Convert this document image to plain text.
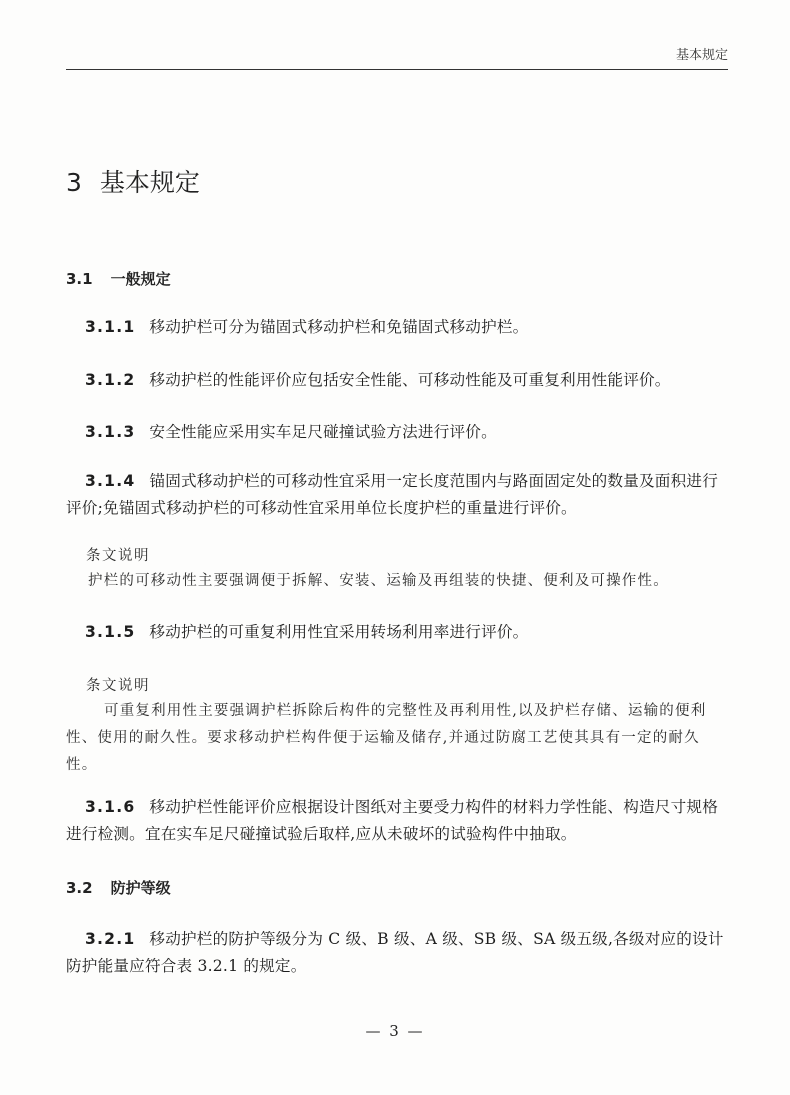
基本规定
3 基本规定
3.1 一般规定
3.1.1 移动护栏可分为锚固式移动护栏和免锚固式移动护栏。
3.1.2 移动护栏的性能评价应包括安全性能、可移动性能及可重复利用性能评价。
3.1.3 安全性能应采用实车足尺碰撞试验方法进行评价。
3.1.4 锚固式移动护栏的可移动性宜采用一定长度范围内与路面固定处的数量及面积进行评价;免锚固式移动护栏的可移动性宜采用单位长度护栏的重量进行评价。
条文说明
护栏的可移动性主要强调便于拆解、安装、运输及再组装的快捷、便利及可操作性。
3.1.5 移动护栏的可重复利用性宜采用转场利用率进行评价。
条文说明
可重复利用性主要强调护栏拆除后构件的完整性及再利用性,以及护栏存储、运输的便利性、使用的耐久性。要求移动护栏构件便于运输及储存,并通过防腐工艺使其具有一定的耐久性。
3.1.6 移动护栏性能评价应根据设计图纸对主要受力构件的材料力学性能、构造尺寸规格进行检测。宜在实车足尺碰撞试验后取样,应从未破坏的试验构件中抽取。
3.2 防护等级
3.2.1 移动护栏的防护等级分为 C 级、B 级、A 级、SB 级、SA 级五级,各级对应的设计防护能量应符合表 3.2.1 的规定。
— 3 —
